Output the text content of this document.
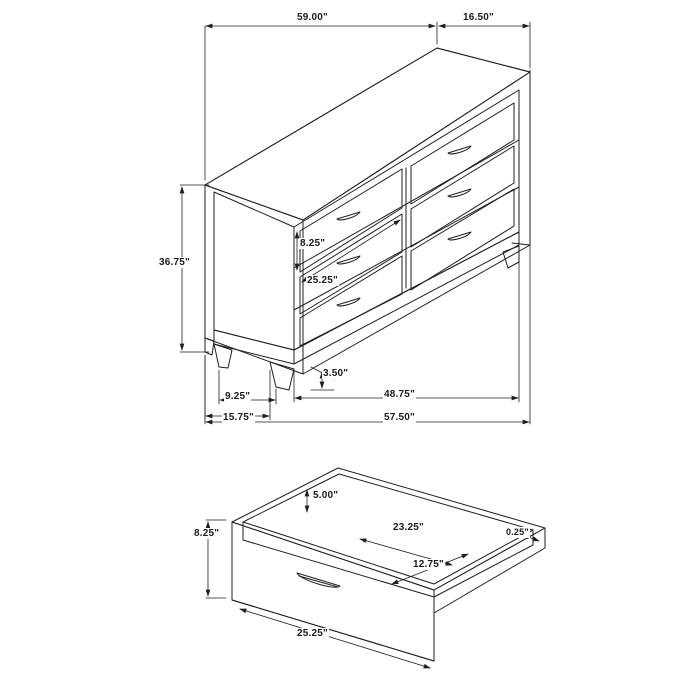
59.00"	16.50"
36.75"
8.25"
25.25"
3.50"
9.25"
15.75"
48.75"
57.50"
5.00"
8.25"
23.25"	0.25"
12.75"
25.25"
